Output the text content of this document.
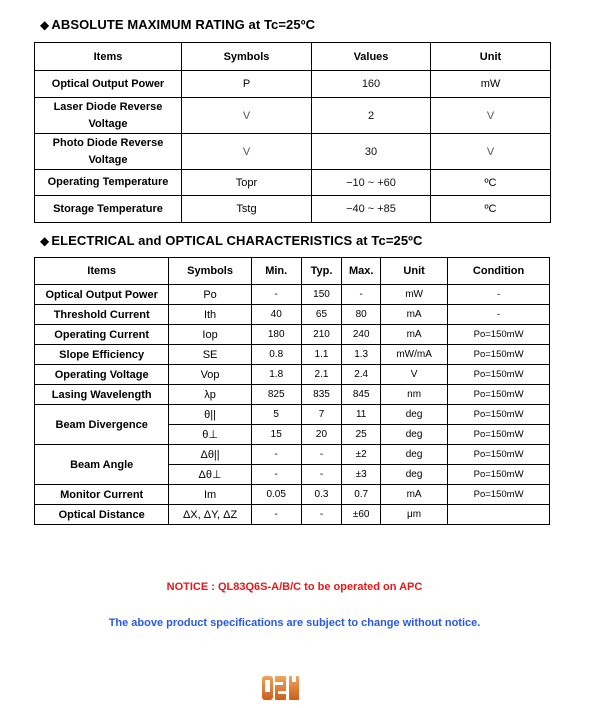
◆ ABSOLUTE MAXIMUM RATING at Tc=25ºC
Items	Symbols	Values	Unit
Optical Output Power	P	160	mW
Laser Diode Reverse Voltage	V	2	V
Photo Diode Reverse Voltage	V	30	V
Operating Temperature	Topr	−10 ~ +60	ºC
Storage Temperature	Tstg	−40 ~ +85	ºC
◆ ELECTRICAL and OPTICAL CHARACTERISTICS at Tc=25ºC
Items	Symbols	Min.	Typ.	Max.	Unit	Condition
Optical Output Power	Po	-	150	-	mW	-
Threshold Current	Ith	40	65	80	mA	-
Operating Current	Iop	180	210	240	mA	Po=150mW
Slope Efficiency	SE	0.8	1.1	1.3	mW/mA	Po=150mW
Operating Voltage	Vop	1.8	2.1	2.4	V	Po=150mW
Lasing Wavelength	λp	825	835	845	nm	Po=150mW
Beam Divergence	θ||	5	7	11	deg	Po=150mW
	θ⊥	15	20	25	deg	Po=150mW
Beam Angle	Δθ||	-	-	±2	deg	Po=150mW
	Δθ⊥	-	-	±3	deg	Po=150mW
Monitor Current	Im	0.05	0.3	0.7	mA	Po=150mW
Optical Distance	ΔX, ΔY, ΔZ	-	-	±60	μm	
NOTICE : QL83Q6S-A/B/C to be operated on APC
The above product specifications are subject to change without notice.
